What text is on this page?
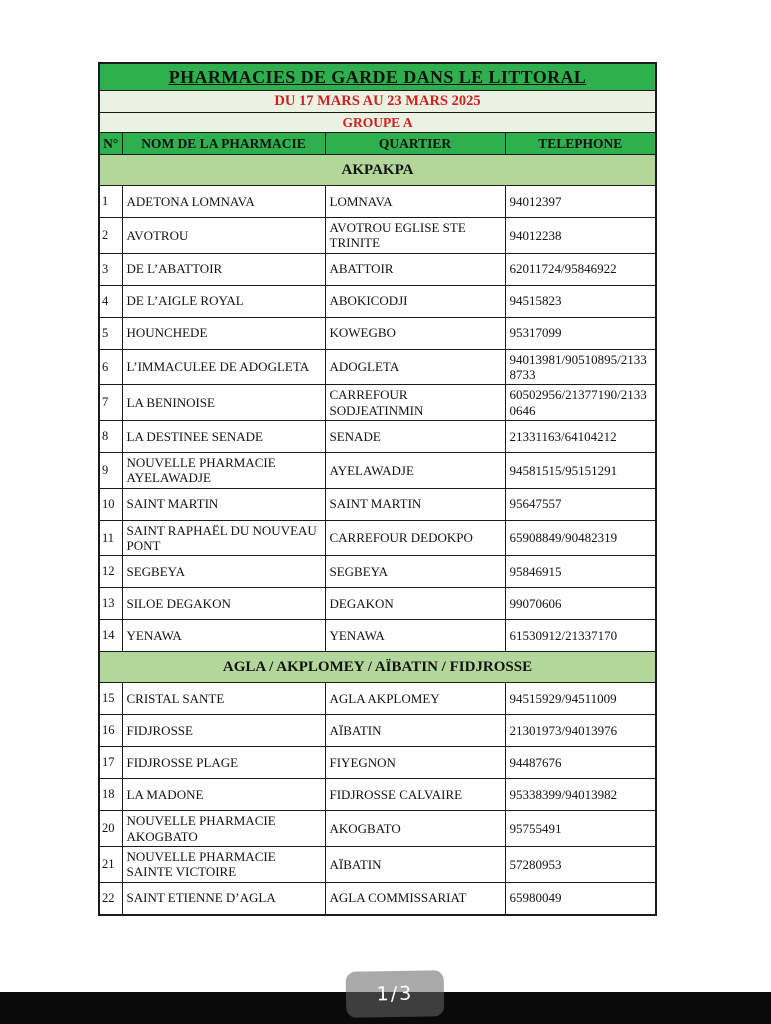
PHARMACIES DE GARDE DANS LE LITTORAL			
DU 17 MARS AU 23 MARS 2025			
GROUPE A			
N°	NOM DE LA PHARMACIE	QUARTIER	TELEPHONE
AKPAKPA			
1	ADETONA LOMNAVA	LOMNAVA	94012397
2	AVOTROU	AVOTROU EGLISE STE TRINITE	94012238
3	DE L’ABATTOIR	ABATTOIR	62011724/95846922
4	DE L’AIGLE ROYAL	ABOKICODJI	94515823
5	HOUNCHEDE	KOWEGBO	95317099
6	L’IMMACULEE DE ADOGLETA	ADOGLETA	94013981/90510895/21338733
7	LA BENINOISE	CARREFOUR SODJEATINMIN	60502956/21377190/21330646
8	LA DESTINEE SENADE	SENADE	21331163/64104212
9	NOUVELLE PHARMACIE AYELAWADJE	AYELAWADJE	94581515/95151291
10	SAINT MARTIN	SAINT MARTIN	95647557
11	SAINT RAPHAËL DU NOUVEAU PONT	CARREFOUR DEDOKPO	65908849/90482319
12	SEGBEYA	SEGBEYA	95846915
13	SILOE DEGAKON	DEGAKON	99070606
14	YENAWA	YENAWA	61530912/21337170
AGLA / AKPLOMEY / AÏBATIN / FIDJROSSE			
15	CRISTAL SANTE	AGLA AKPLOMEY	94515929/94511009
16	FIDJROSSE	AÏBATIN	21301973/94013976
17	FIDJROSSE PLAGE	FIYEGNON	94487676
18	LA MADONE	FIDJROSSE CALVAIRE	95338399/94013982
20	NOUVELLE PHARMACIE AKOGBATO	AKOGBATO	95755491
21	NOUVELLE PHARMACIE SAINTE VICTOIRE	AÏBATIN	57280953
22	SAINT ETIENNE D’AGLA	AGLA COMMISSARIAT	65980049
1/3
